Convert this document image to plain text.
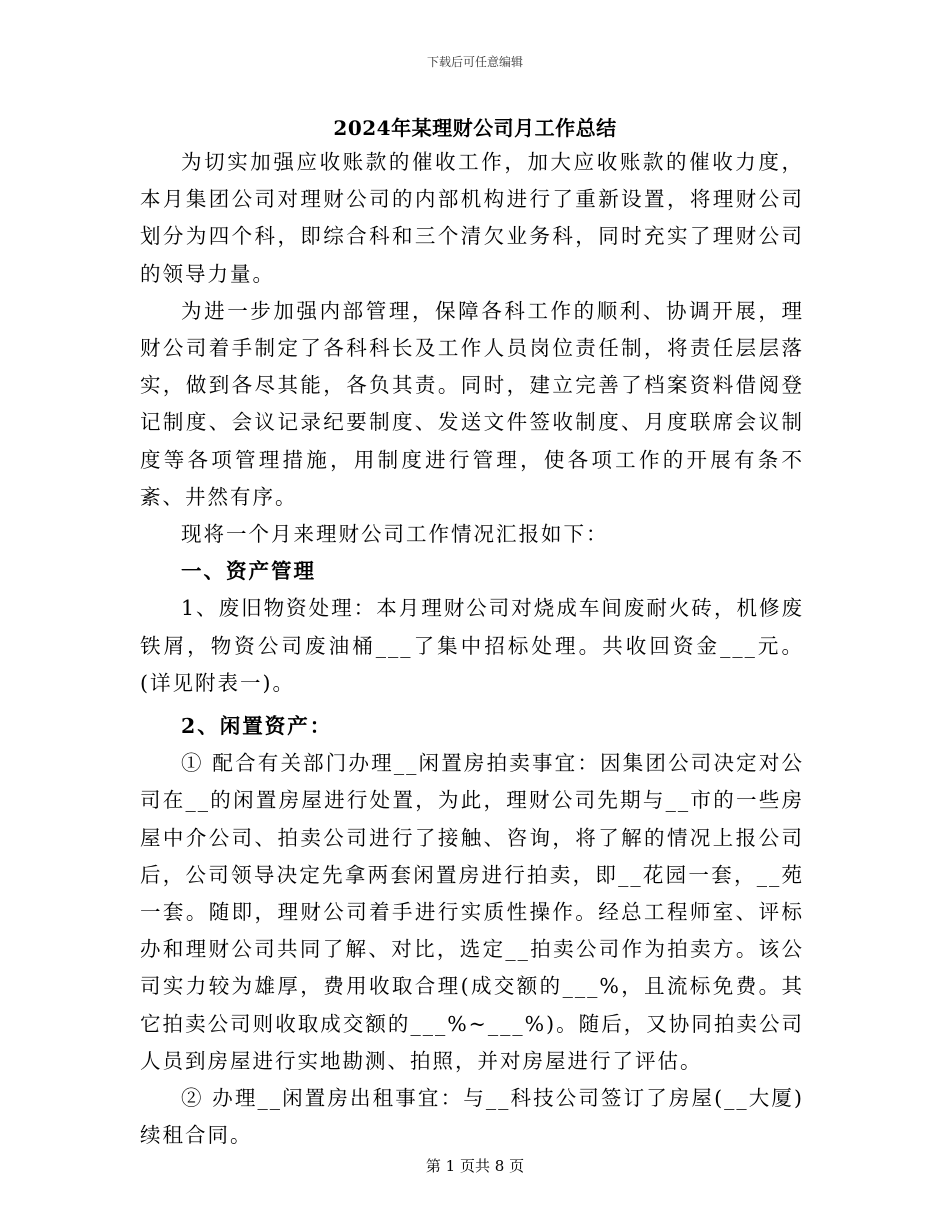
下载后可任意编辑
2024年某理财公司月工作总结

为切实加强应收账款的催收工作，加大应收账款的催收力度，本月集团公司对理财公司的内部机构进行了重新设置，将理财公司划分为四个科，即综合科和三个清欠业务科，同时充实了理财公司的领导力量。

为进一步加强内部管理，保障各科工作的顺利、协调开展，理财公司着手制定了各科科长及工作人员岗位责任制，将责任层层落实，做到各尽其能，各负其责。同时，建立完善了档案资料借阅登记制度、会议记录纪要制度、发送文件签收制度、月度联席会议制度等各项管理措施，用制度进行管理，使各项工作的开展有条不紊、井然有序。

现将一个月来理财公司工作情况汇报如下：

一、资产管理

1、废旧物资处理：本月理财公司对烧成车间废耐火砖，机修废铁屑，物资公司废油桶___了集中招标处理。共收回资金___元。(详见附表一)。

2、闲置资产：

① 配合有关部门办理__闲置房拍卖事宜：因集团公司决定对公司在__的闲置房屋进行处置，为此，理财公司先期与__市的一些房屋中介公司、拍卖公司进行了接触、咨询，将了解的情况上报公司后，公司领导决定先拿两套闲置房进行拍卖，即__花园一套，__苑一套。随即，理财公司着手进行实质性操作。经总工程师室、评标办和理财公司共同了解、对比，选定__拍卖公司作为拍卖方。该公司实力较为雄厚，费用收取合理(成交额的___%，且流标免费。其它拍卖公司则收取成交额的___%~___%)。随后，又协同拍卖公司人员到房屋进行实地勘测、拍照，并对房屋进行了评估。

② 办理__闲置房出租事宜：与__科技公司签订了房屋(__大厦)续租合同。

第 1 页共 8 页
